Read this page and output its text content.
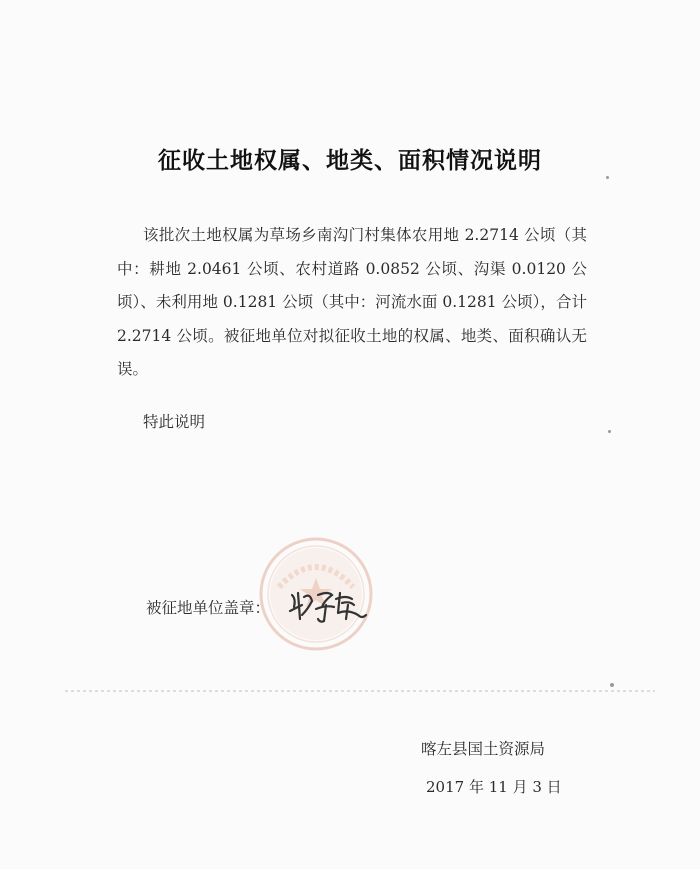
征收土地权属、地类、面积情况说明

该批次土地权属为草场乡南沟门村集体农用地 2.2714 公顷（其中：耕地 2.0461 公顷、农村道路 0.0852 公顷、沟渠 0.0120 公顷）、未利用地 0.1281 公顷（其中：河流水面 0.1281 公顷），合计 2.2714 公顷。被征地单位对拟征收土地的权属、地类、面积确认无误。

特此说明
被征地单位盖章：
喀左县国土资源局
2017 年 11 月 3 日
